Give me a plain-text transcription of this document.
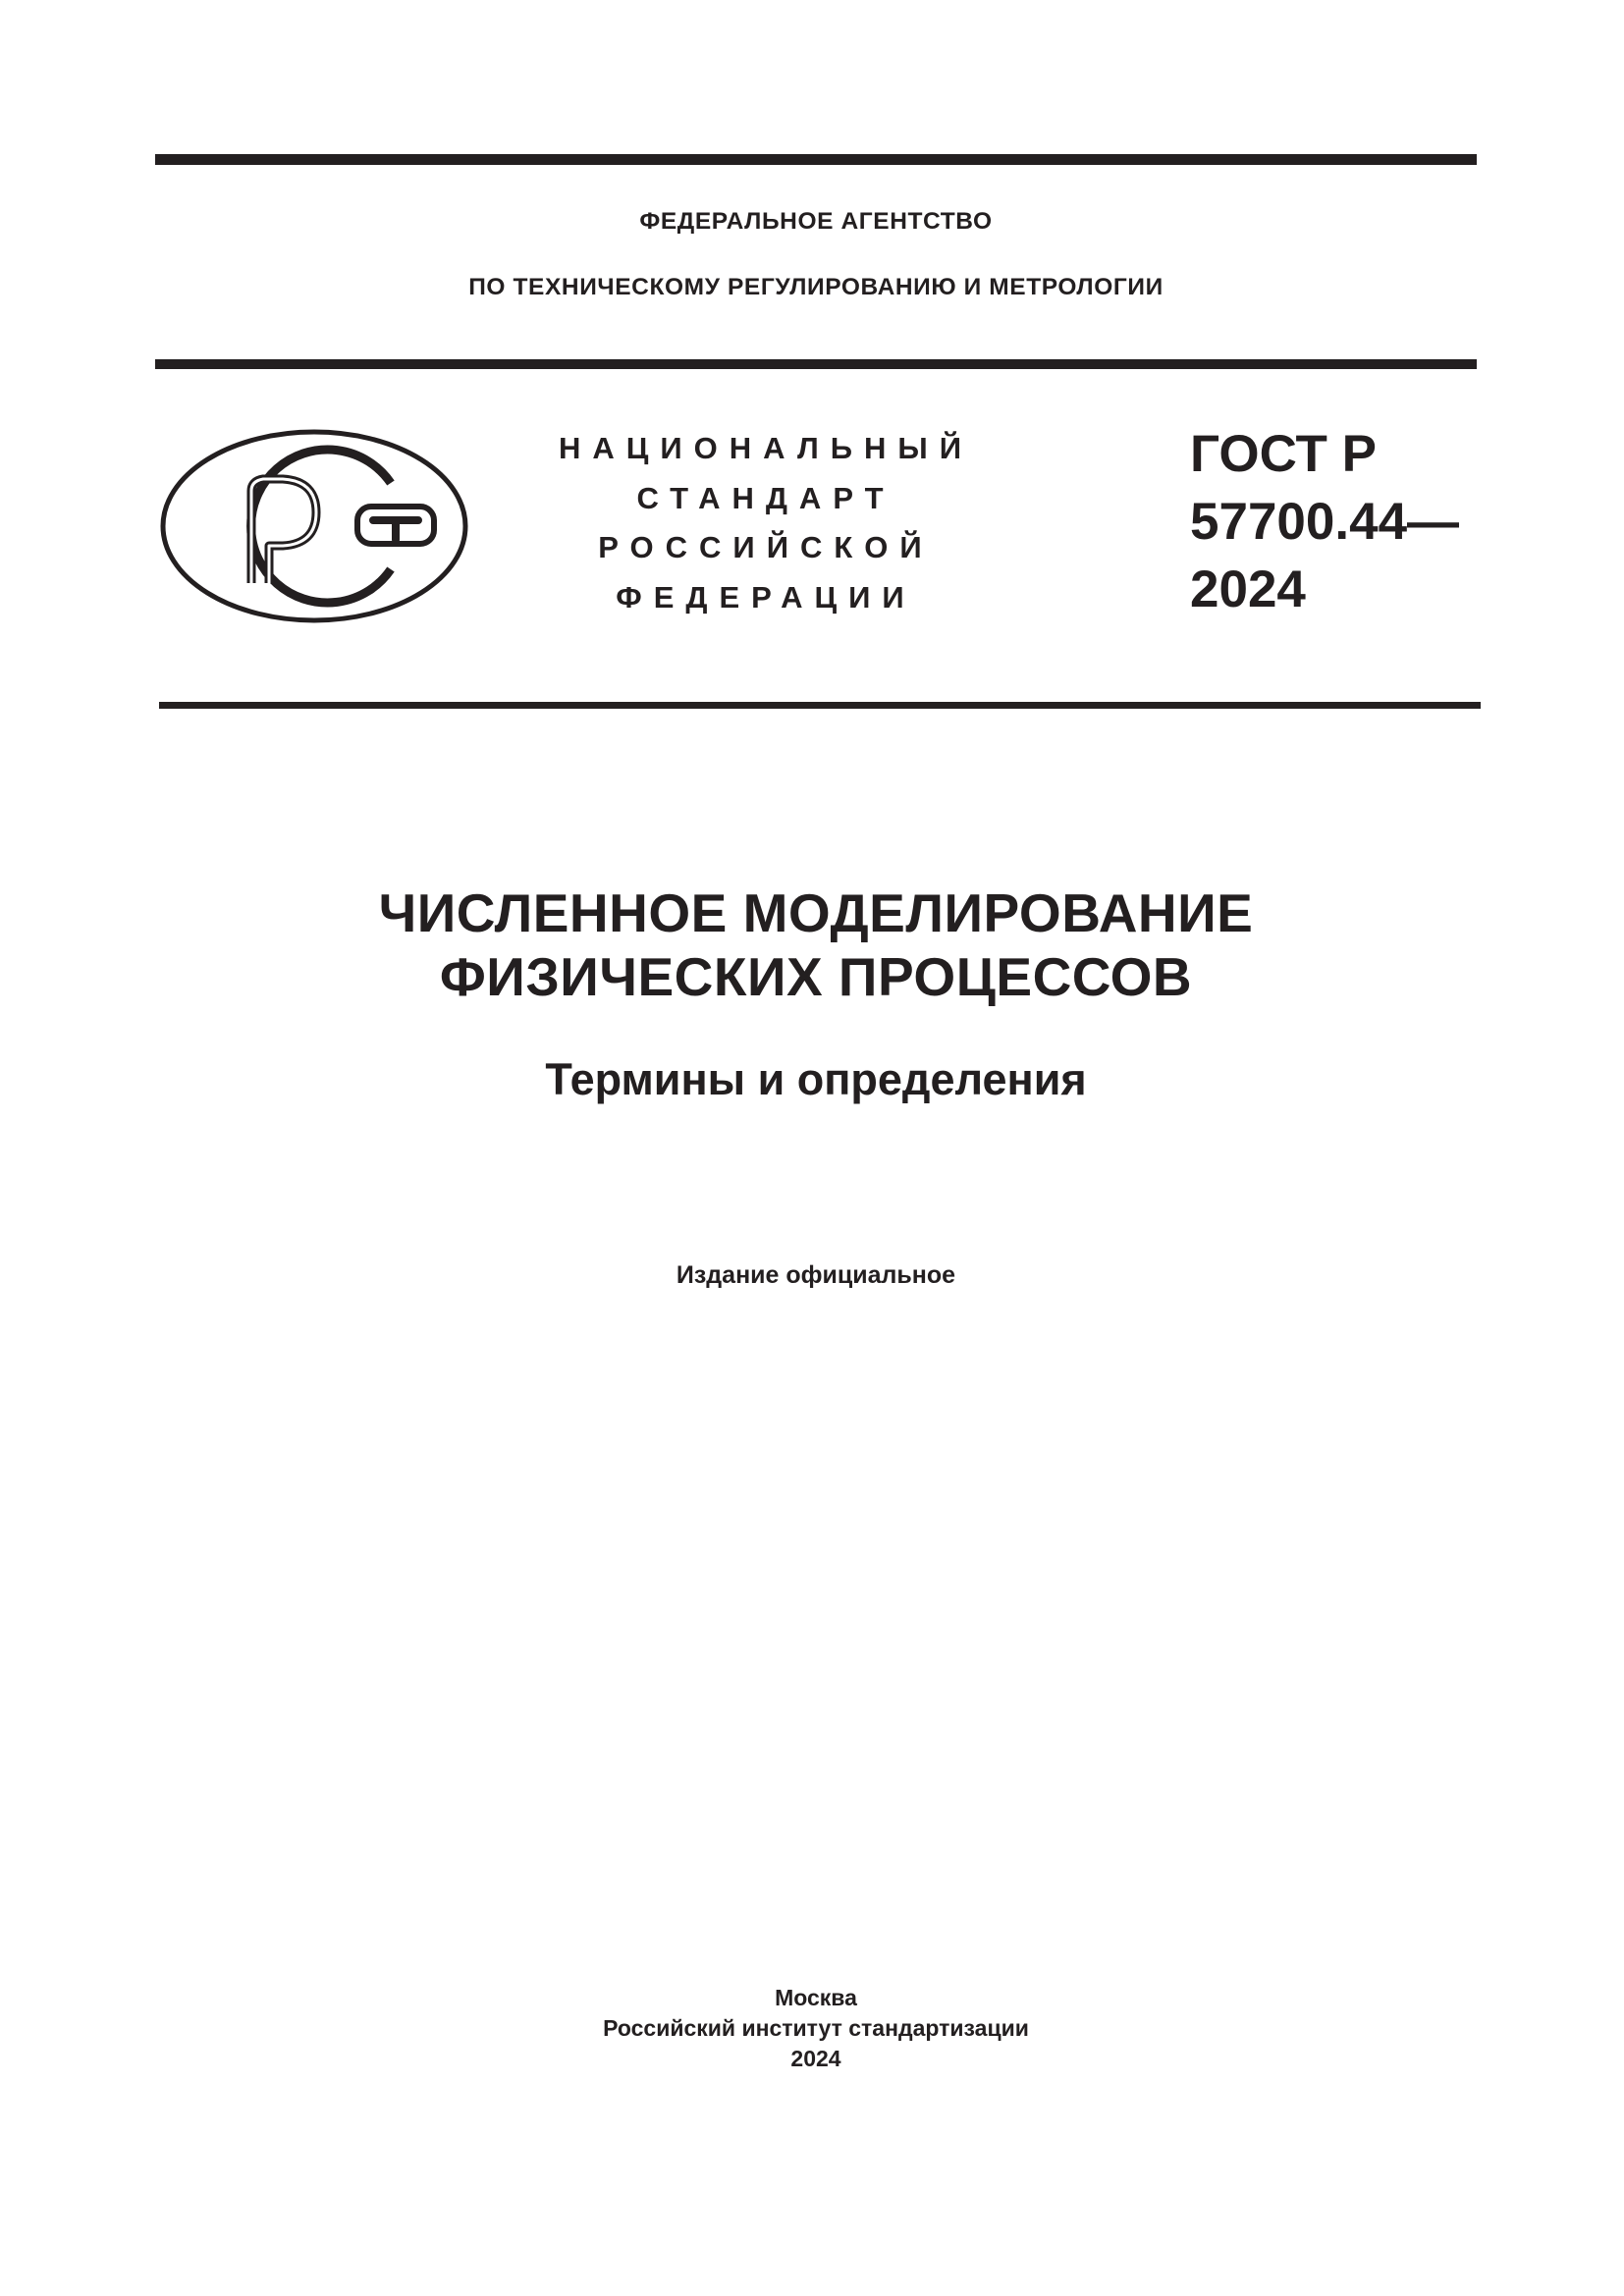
ФЕДЕРАЛЬНОЕ АГЕНТСТВО
ПО ТЕХНИЧЕСКОМУ РЕГУЛИРОВАНИЮ И МЕТРОЛОГИИ
НАЦИОНАЛЬНЫЙ
СТАНДАРТ
РОССИЙСКОЙ
ФЕДЕРАЦИИ
ГОСТ Р
57700.44—
2024
ЧИСЛЕННОЕ МОДЕЛИРОВАНИЕ
ФИЗИЧЕСКИХ ПРОЦЕССОВ
Термины и определения
Издание официальное
Москва
Российский институт стандартизации
2024
